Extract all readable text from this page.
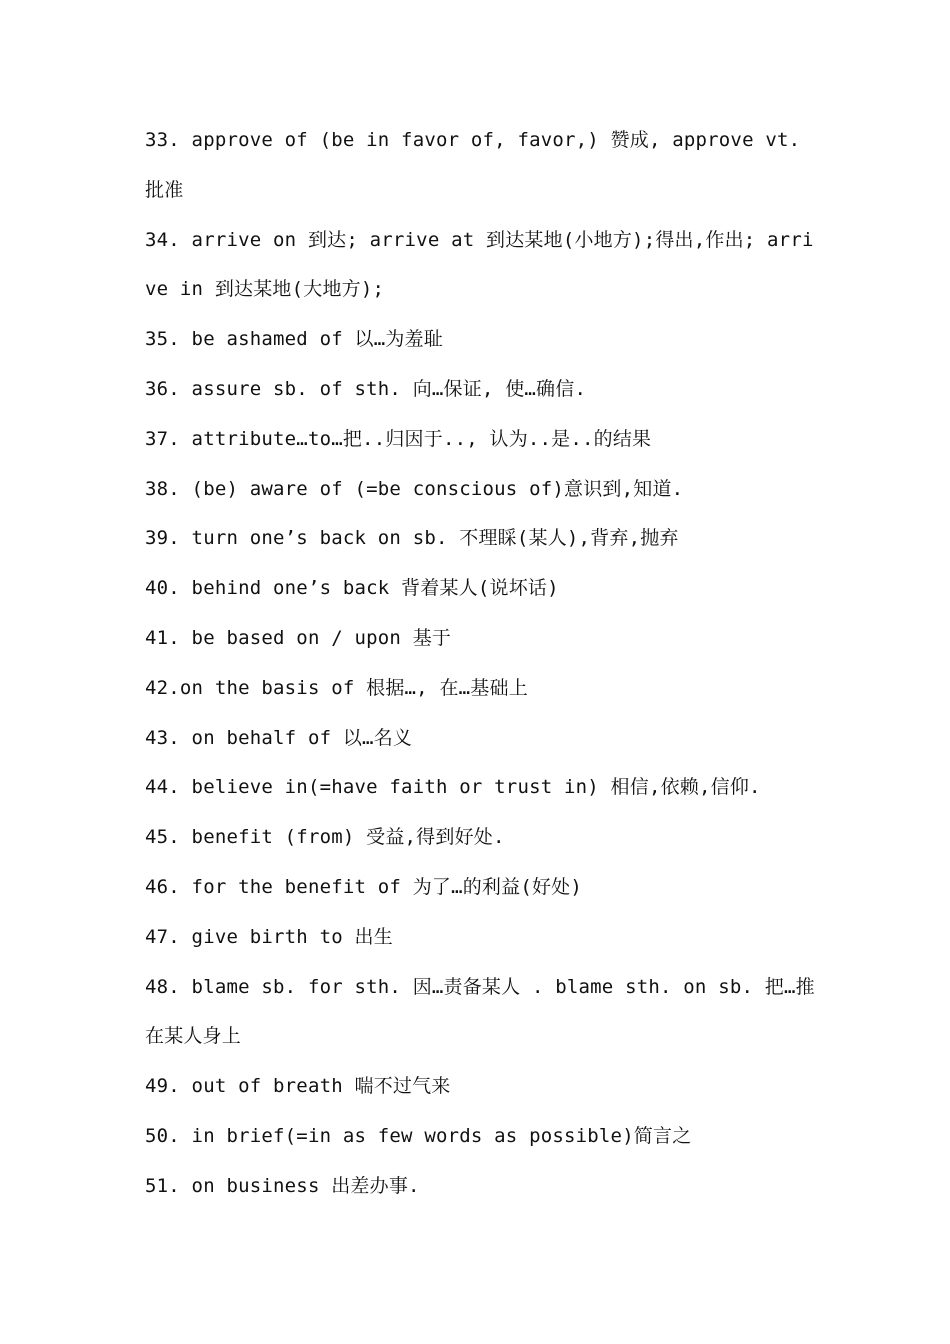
33. approve of (be in favor of, favor,) 赞成, approve vt. 批准
34. arrive on 到达; arrive at 到达某地(小地方);得出,作出; arrive in 到达某地(大地方);
35. be ashamed of 以…为羞耻
36. assure sb. of sth. 向…保证, 使…确信.
37. attribute…to…把..归因于.., 认为..是..的结果
38. (be) aware of (=be conscious of)意识到,知道.
39. turn one’s back on sb. 不理睬(某人),背弃,抛弃
40. behind one’s back 背着某人(说坏话)
41. be based on / upon 基于
42.on the basis of 根据…, 在…基础上
43. on behalf of 以…名义
44. believe in(=have faith or trust in) 相信,依赖,信仰.
45. benefit (from) 受益,得到好处.
46. for the benefit of 为了…的利益(好处)
47. give birth to 出生
48. blame sb. for sth. 因…责备某人 . blame sth. on sb. 把…推在某人身上
49. out of breath 喘不过气来
50. in brief(=in as few words as possible)简言之
51. on business 出差办事.
